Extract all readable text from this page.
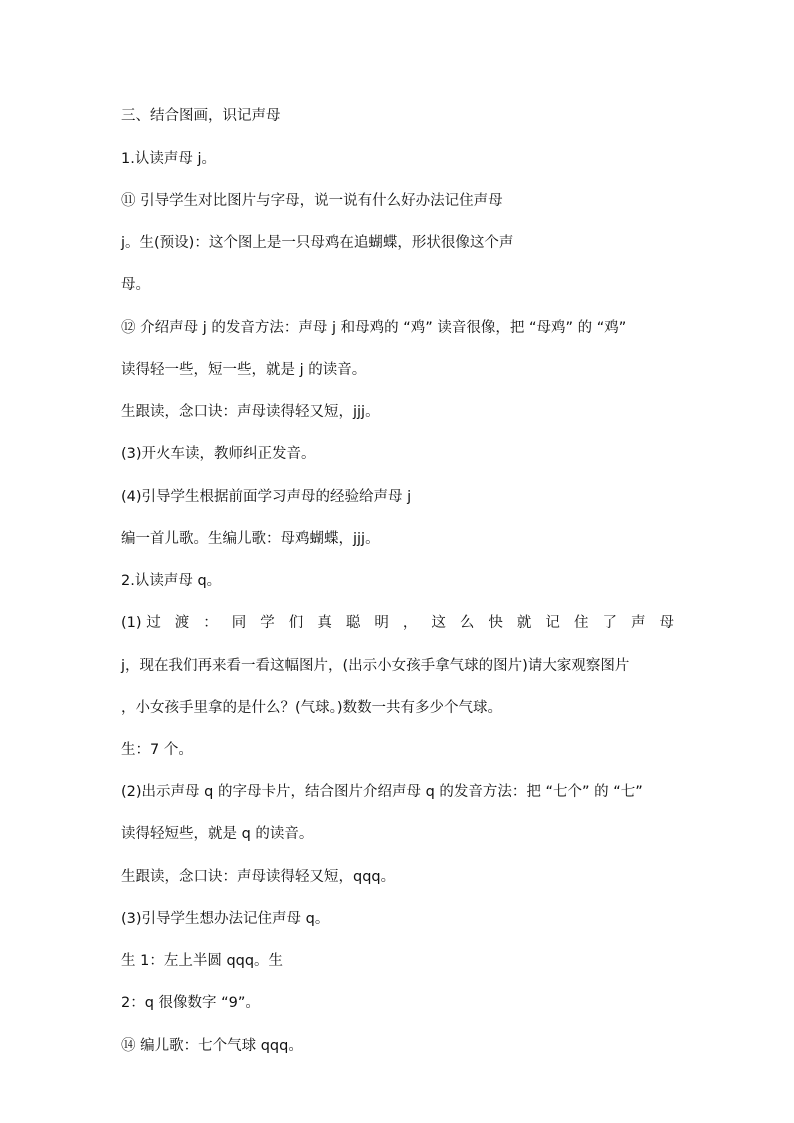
三、结合图画，识记声母

1.认读声母 j。

⑪ 引导学生对比图片与字母，说一说有什么好办法记住声母

j。生(预设)：这个图上是一只母鸡在追蝴蝶，形状很像这个声

母。

⑫ 介绍声母 j 的发音方法：声母 j 和母鸡的 “鸡” 读音很像，把 “母鸡” 的 “鸡”

读得轻一些，短一些，就是 j 的读音。

生跟读，念口诀：声母读得轻又短，jjj。

(3)开火车读，教师纠正发音。

(4)引导学生根据前面学习声母的经验给声母 j

编一首儿歌。生编儿歌：母鸡蝴蝶，jjj。

2.认读声母 q。

(1)过 渡 ： 同 学 们 真 聪 明 ， 这 么 快 就 记 住 了 声 母

j，现在我们再来看一看这幅图片，(出示小女孩手拿气球的图片)请大家观察图片

，小女孩手里拿的是什么？(气球。)数数一共有多少个气球。

生：7 个。

(2)出示声母 q 的字母卡片，结合图片介绍声母 q 的发音方法：把 “七个” 的 “七”

读得轻短些，就是 q 的读音。

生跟读，念口诀：声母读得轻又短，qqq。

(3)引导学生想办法记住声母 q。

生 1：左上半圆 qqq。生

2：q 很像数字 “9”。

⑭ 编儿歌：七个气球 qqq。
